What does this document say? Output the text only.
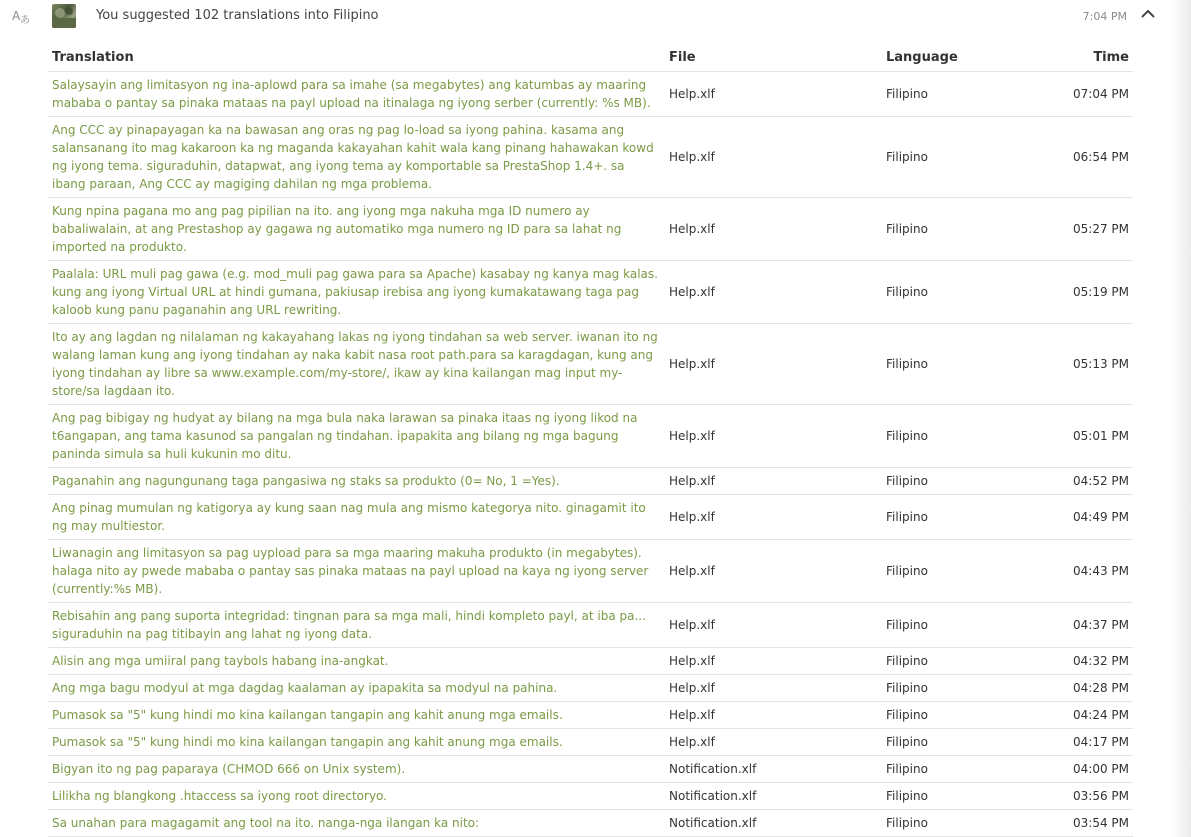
A あ	You suggested 102 translations into Filipino	7:04 PM
Translation	File	Language	Time
Salaysayin ang limitasyon ng ina-aplowd para sa imahe (sa megabytes) ang katumbas ay maaring mababa o pantay sa pinaka mataas na payl upload na itinalaga ng iyong serber (currently: %s MB).	Help.xlf	Filipino	07:04 PM
Ang CCC ay pinapayagan ka na bawasan ang oras ng pag lo-load sa iyong pahina. kasama ang salansanang ito mag kakaroon ka ng maganda kakayahan kahit wala kang pinang hahawakan kowd ng iyong tema. siguraduhin, datapwat, ang iyong tema ay komportable sa PrestaShop 1.4+. sa ibang paraan, Ang CCC ay magiging dahilan ng mga problema.	Help.xlf	Filipino	06:54 PM
Kung npina pagana mo ang pag pipilian na ito. ang iyong mga nakuha mga ID numero ay babaliwalain, at ang Prestashop ay gagawa ng automatiko mga numero ng ID para sa lahat ng imported na produkto.	Help.xlf	Filipino	05:27 PM
Paalala: URL muli pag gawa (e.g. mod_muli pag gawa para sa Apache) kasabay ng kanya mag kalas. kung ang iyong Virtual URL at hindi gumana, pakiusap irebisa ang iyong kumakatawang taga pag kaloob kung panu paganahin ang URL rewriting.	Help.xlf	Filipino	05:19 PM
Ito ay ang lagdan ng nilalaman ng kakayahang lakas ng iyong tindahan sa web server. iwanan ito ng walang laman kung ang iyong tindahan ay naka kabit nasa root path.para sa karagdagan, kung ang iyong tindahan ay libre sa www.example.com/my-store/, ikaw ay kina kailangan mag input my-store/sa lagdaan ito.	Help.xlf	Filipino	05:13 PM
Ang pag bibigay ng hudyat ay bilang na mga bula naka larawan sa pinaka itaas ng iyong likod na t6angapan, ang tama kasunod sa pangalan ng tindahan. ipapakita ang bilang ng mga bagung paninda simula sa huli kukunin mo ditu.	Help.xlf	Filipino	05:01 PM
Paganahin ang nagungunang taga pangasiwa ng staks sa produkto (0= No, 1 =Yes).	Help.xlf	Filipino	04:52 PM
Ang pinag mumulan ng katigorya ay kung saan nag mula ang mismo kategorya nito. ginagamit ito ng may multiestor.	Help.xlf	Filipino	04:49 PM
Liwanagin ang limitasyon sa pag uypload para sa mga maaring makuha produkto (in megabytes). halaga nito ay pwede mababa o pantay sas pinaka mataas na payl upload na kaya ng iyong server (currently:%s MB).	Help.xlf	Filipino	04:43 PM
Rebisahin ang pang suporta integridad: tingnan para sa mga mali, hindi kompleto payl, at iba pa... siguraduhin na pag titibayin ang lahat ng iyong data.	Help.xlf	Filipino	04:37 PM
Alisin ang mga umiiral pang taybols habang ina-angkat.	Help.xlf	Filipino	04:32 PM
Ang mga bagu modyul at mga dagdag kaalaman ay ipapakita sa modyul na pahina.	Help.xlf	Filipino	04:28 PM
Pumasok sa "5" kung hindi mo kina kailangan tangapin ang kahit anung mga emails.	Help.xlf	Filipino	04:24 PM
Pumasok sa "5" kung hindi mo kina kailangan tangapin ang kahit anung mga emails.	Help.xlf	Filipino	04:17 PM
Bigyan ito ng pag paparaya (CHMOD 666 on Unix system).	Notification.xlf	Filipino	04:00 PM
Lilikha ng blangkong .htaccess sa iyong root directoryo.	Notification.xlf	Filipino	03:56 PM
Sa unahan para magagamit ang tool na ito. nanga-nga ilangan ka nito:	Notification.xlf	Filipino	03:54 PM
